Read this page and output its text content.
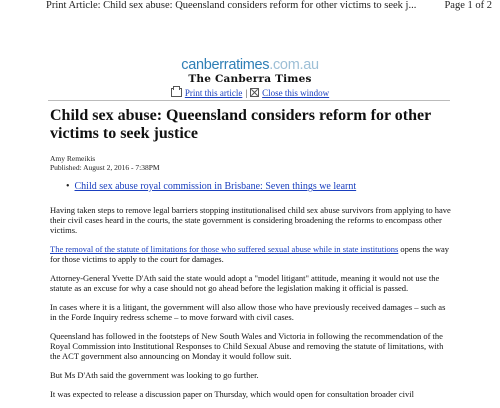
Print Article: Child sex abuse: Queensland considers reform for other victims to seek j...	Page 1 of 2
canberratimes.com.au
The Canberra Times
Print this article | Close this window
Child sex abuse: Queensland considers reform for other victims to seek justice
Amy Remeikis
Published: August 2, 2016 - 7:38PM
• Child sex abuse royal commission in Brisbane: Seven things we learnt

Having taken steps to remove legal barriers stopping institutionalised child sex abuse survivors from applying to have their civil cases heard in the courts, the state government is considering broadening the reforms to encompass other victims.

The removal of the statute of limitations for those who suffered sexual abuse while in state institutions opens the way for those victims to apply to the court for damages.

Attorney-General Yvette D'Ath said the state would adopt a "model litigant" attitude, meaning it would not use the statute as an excuse for why a case should not go ahead before the legislation making it official is passed.

In cases where it is a litigant, the government will also allow those who have previously received damages – such as in the Forde Inquiry redress scheme – to move forward with civil cases.

Queensland has followed in the footsteps of New South Wales and Victoria in following the recommendation of the Royal Commission into Institutional Responses to Child Sexual Abuse and removing the statute of limitations, with the ACT government also announcing on Monday it would follow suit.

But Ms D'Ath said the government was looking to go further.

It was expected to release a discussion paper on Thursday, which would open for consultation broader civil
